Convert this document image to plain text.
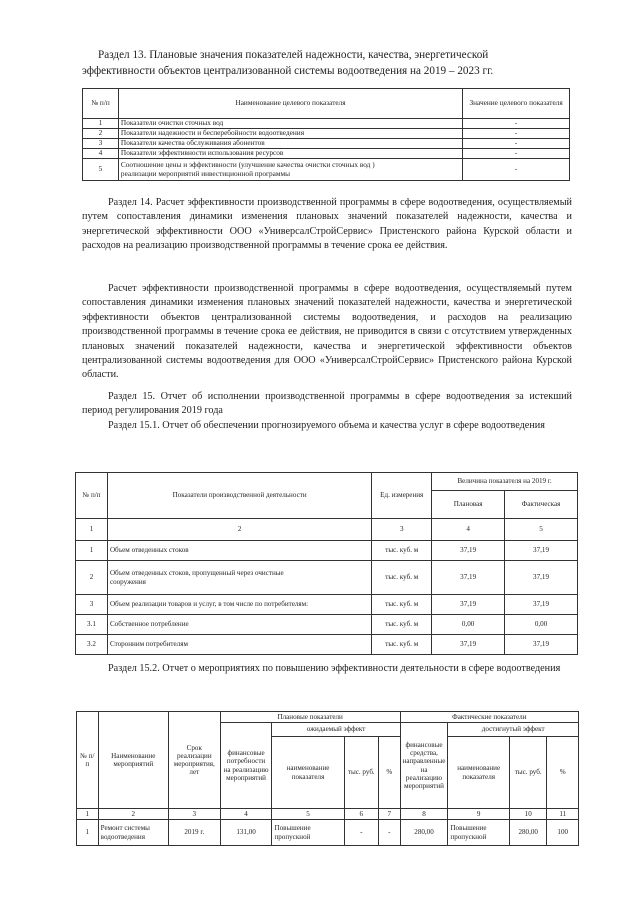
Раздел 13. Плановые значения показателей надежности, качества, энергетической
эффективности объектов централизованной системы водоотведения на 2019 – 2023 гг.
№ п/п	Наименование целевого показателя	Значение целевого показателя
1	Показатели очистки сточных вод	-
2	Показатели надежности и бесперебойности водоотведения	-
3	Показатели качества обслуживания абонентов	-
4	Показатели эффективности использования ресурсов	-
5	Соотношение цены и эффективности (улучшение качества очистки сточных вод )
реализации мероприятий инвестиционной программы	-
Раздел 14. Расчет эффективности производственной программы в сфере водоотведения, осуществляемый путем сопоставления динамики изменения плановых значений показателей надежности, качества и энергетической эффективности ООО «УниверсалСтройСервис» Пристенского района Курской области и расходов на реализацию производственной программы в течение срока ее действия.
Расчет эффективности производственной программы в сфере водоотведения, осуществляемый путем сопоставления динамики изменения плановых значений показателей надежности, качества и энергетической эффективности объектов централизованной системы водоотведения, и расходов на реализацию производственной программы в течение срока ее действия, не приводится в связи с отсутствием утвержденных плановых значений показателей надежности, качества и энергетической эффективности объектов централизованной системы водоотведения для ООО «УниверсалСтройСервис» Пристенского района Курской области.
Раздел 15. Отчет об исполнении производственной программы в сфере водоотведения за истекший период регулирования 2019 года
Раздел 15.1. Отчет об обеспечении прогнозируемого объема и качества услуг в сфере водоотведения
№ п/п	Показатели производственной деятельности	Ед. измерения	Величина показателя на 2019 г.	
			Плановая	Фактическая
1	2	3	4	5
1	Объем отведенных стоков	тыс. куб. м	37,19	37,19
2	Объем отведенных стоков, пропущенный через очистные
сооружения	тыс. куб. м	37,19	37,19
3	Объем реализации товаров и услуг, в том числе по потребителям:	тыс. куб. м	37,19	37,19
3.1	Собственное потребление	тыс. куб. м	0,00	0,00
3.2	Сторонним потребителям	тыс. куб. м	37,19	37,19
Раздел 15.2. Отчет о мероприятиях по повышению эффективности деятельности в сфере водоотведения
№ п/п	Наименование мероприятий	Срок реализации мероприятия, лет	Плановые показатели				Фактические показатели			
			финансовые потребности на реализацию мероприятий	ожидаемый эффект			финансовые средства, направленные на реализацию мероприятий	достигнутый эффект		
				наименование показателя	тыс. руб.	%		наименование показателя	тыс. руб.	%
1	2	3	4	5	6	7	8	9	10	11
1	Ремонт системы водоотведения	2019 г.	131,00	Повышение пропускной	-	-	280,00	Повышение пропускной	280,00	100
